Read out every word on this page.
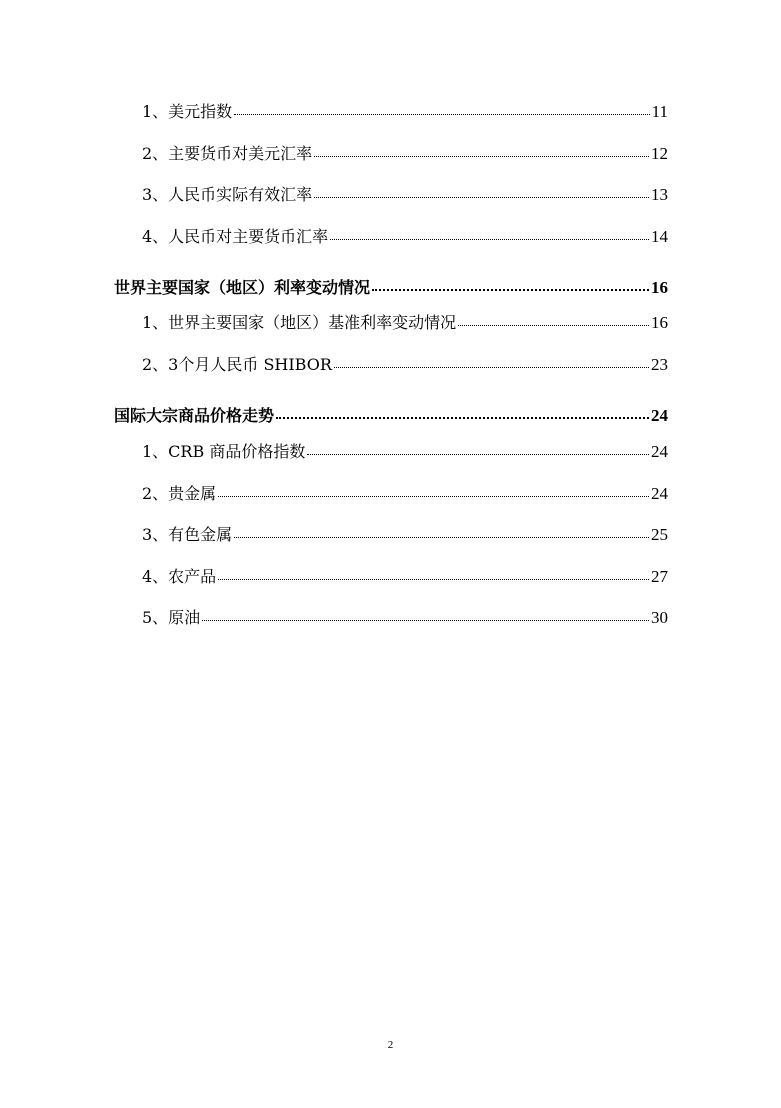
1、美元指数	11
2、主要货币对美元汇率	12
3、人民币实际有效汇率	13
4、人民币对主要货币汇率	14
世界主要国家（地区）利率变动情况	16
1、世界主要国家（地区）基准利率变动情况	16
2、3个月人民币 SHIBOR	23
国际大宗商品价格走势	24
1、CRB 商品价格指数	24
2、贵金属	24
3、有色金属	25
4、农产品	27
5、原油	30
2
